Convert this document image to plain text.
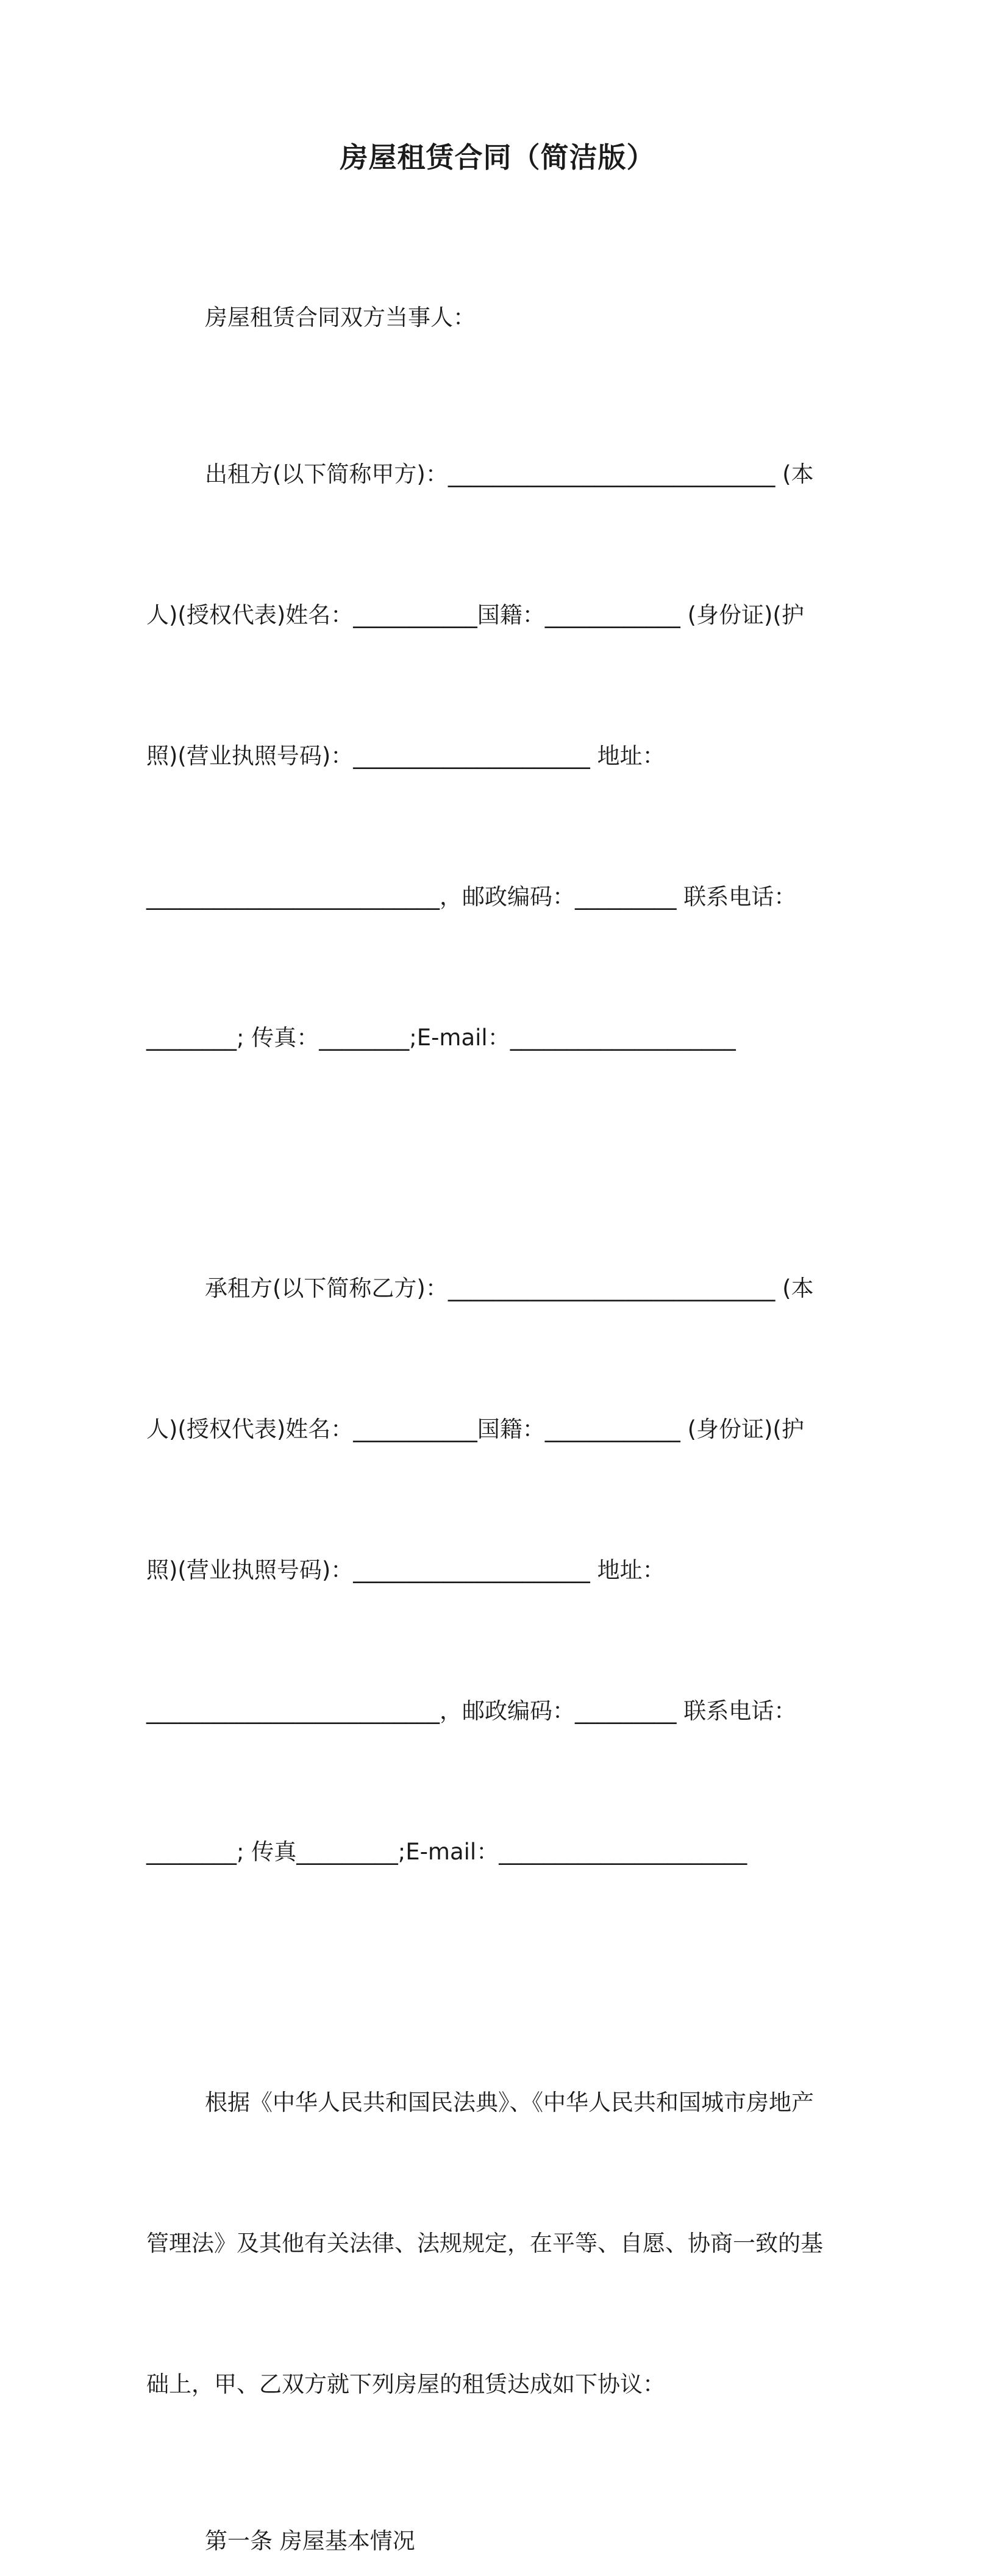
房屋租赁合同（简洁版）
房屋租赁合同双方当事人：

出租方(以下简称甲方)：_____________________________ (本

人)(授权代表)姓名：___________国籍：____________ (身份证)(护

照)(营业执照号码)：_____________________ 地址：

__________________________，邮政编码：_________ 联系电话：

________; 传真：________;E-mail：____________________

承租方(以下简称乙方)：_____________________________ (本

人)(授权代表)姓名：___________国籍：____________ (身份证)(护

照)(营业执照号码)：_____________________ 地址：

__________________________，邮政编码：_________ 联系电话：

________; 传真_________;E-mail：______________________

根据《中华人民共和国民法典》、《中华人民共和国城市房地产

管理法》及其他有关法律、法规规定，在平等、自愿、协商一致的基

础上，甲、乙双方就下列房屋的租赁达成如下协议：

第一条 房屋基本情况
